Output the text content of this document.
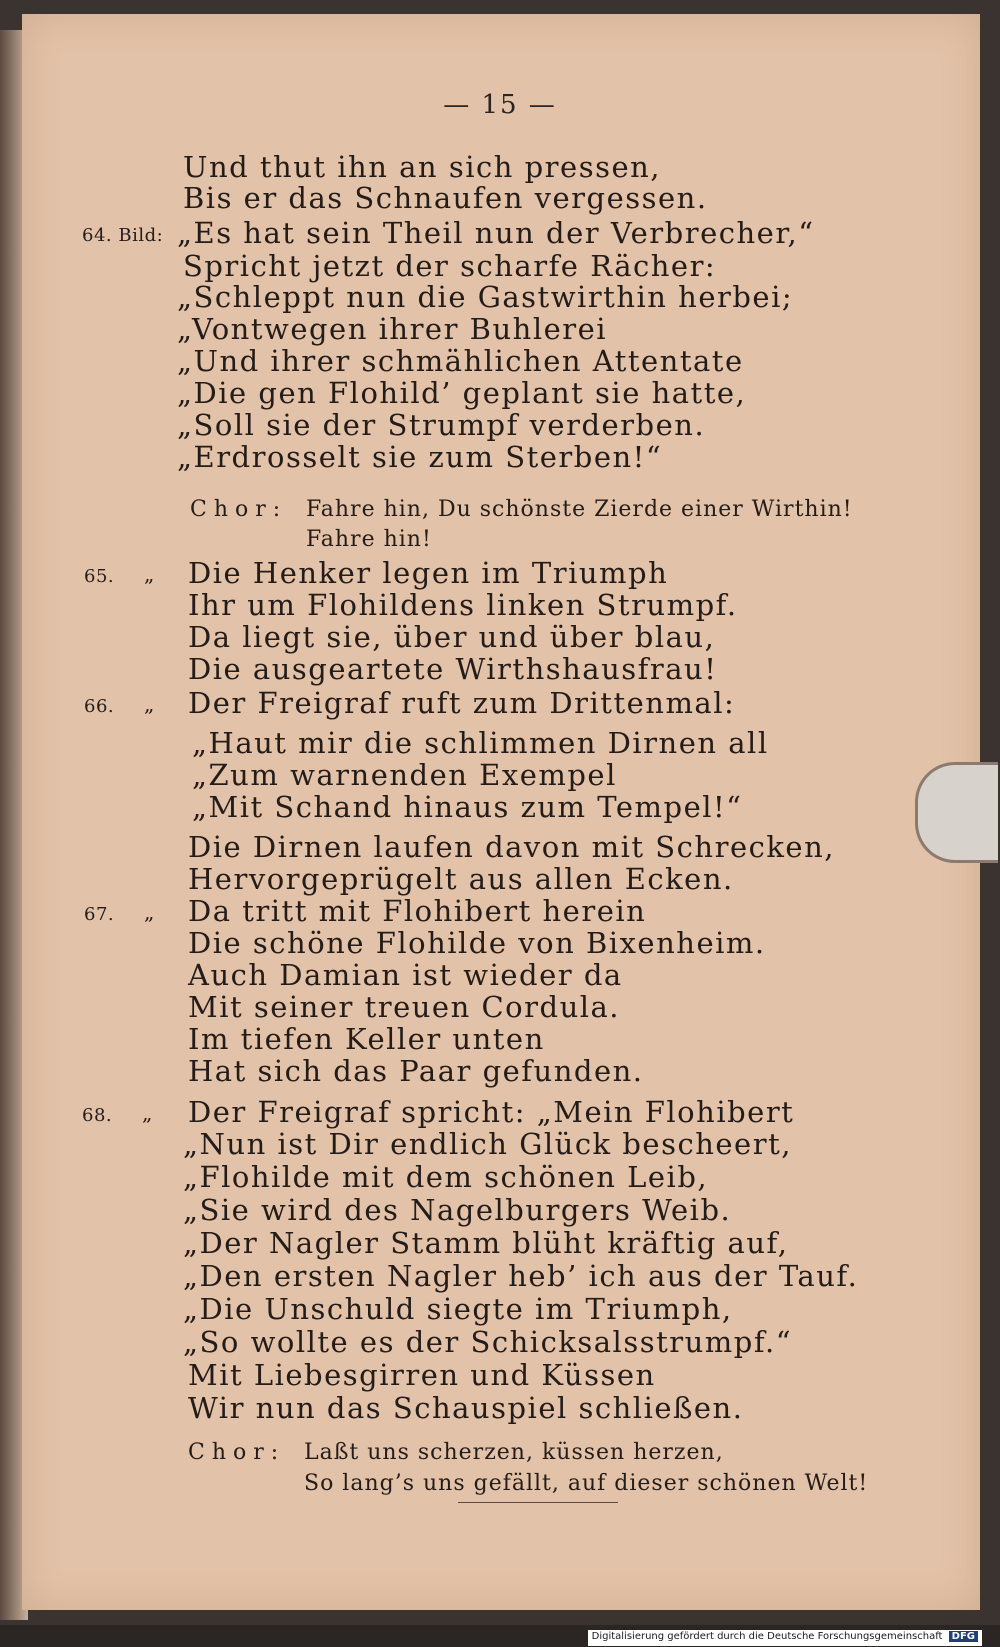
— 15 —
Und thut ihn an sich pressen,
Bis er das Schnaufen vergessen.
64. Bild: „Es hat sein Theil nun der Verbrecher,“
Spricht jetzt der scharfe Rächer:
„Schleppt nun die Gastwirthin herbei;
„Vontwegen ihrer Buhlerei
„Und ihrer schmählichen Attentate
„Die gen Flohild’ geplant sie hatte,
„Soll sie der Strumpf verderben.
„Erdrosselt sie zum Sterben!“
Chor: Fahre hin, Du schönste Zierde einer Wirthin!
Fahre hin!
65. „ Die Henker legen im Triumph
Ihr um Flohildens linken Strumpf.
Da liegt sie, über und über blau,
Die ausgeartete Wirthshausfrau!
66. „ Der Freigraf ruft zum Drittenmal:
„Haut mir die schlimmen Dirnen all
„Zum warnenden Exempel
„Mit Schand hinaus zum Tempel!“
Die Dirnen laufen davon mit Schrecken,
Hervorgeprügelt aus allen Ecken.
67. „ Da tritt mit Flohibert herein
Die schöne Flohilde von Bixenheim.
Auch Damian ist wieder da
Mit seiner treuen Cordula.
Im tiefen Keller unten
Hat sich das Paar gefunden.
68. „ Der Freigraf spricht: „Mein Flohibert
„Nun ist Dir endlich Glück beschеert,
„Flohilde mit dem schönen Leib,
„Sie wird des Nagelburgers Weib.
„Der Nagler Stamm blüht kräftig auf,
„Den ersten Nagler heb’ ich aus der Tauf.
„Die Unschuld siegte im Triumph,
„So wollte es der Schicksalsstrumpf.“
Mit Liebesgirren und Küssen
Wir nun das Schauspiel schließen.
Chor: Laßt uns scherzen, küssen herzen,
So lang’s uns gefällt, auf dieser schönen Welt!
Digitalisierung gefördert durch die Deutsche Forschungsgemeinschaft DFG
